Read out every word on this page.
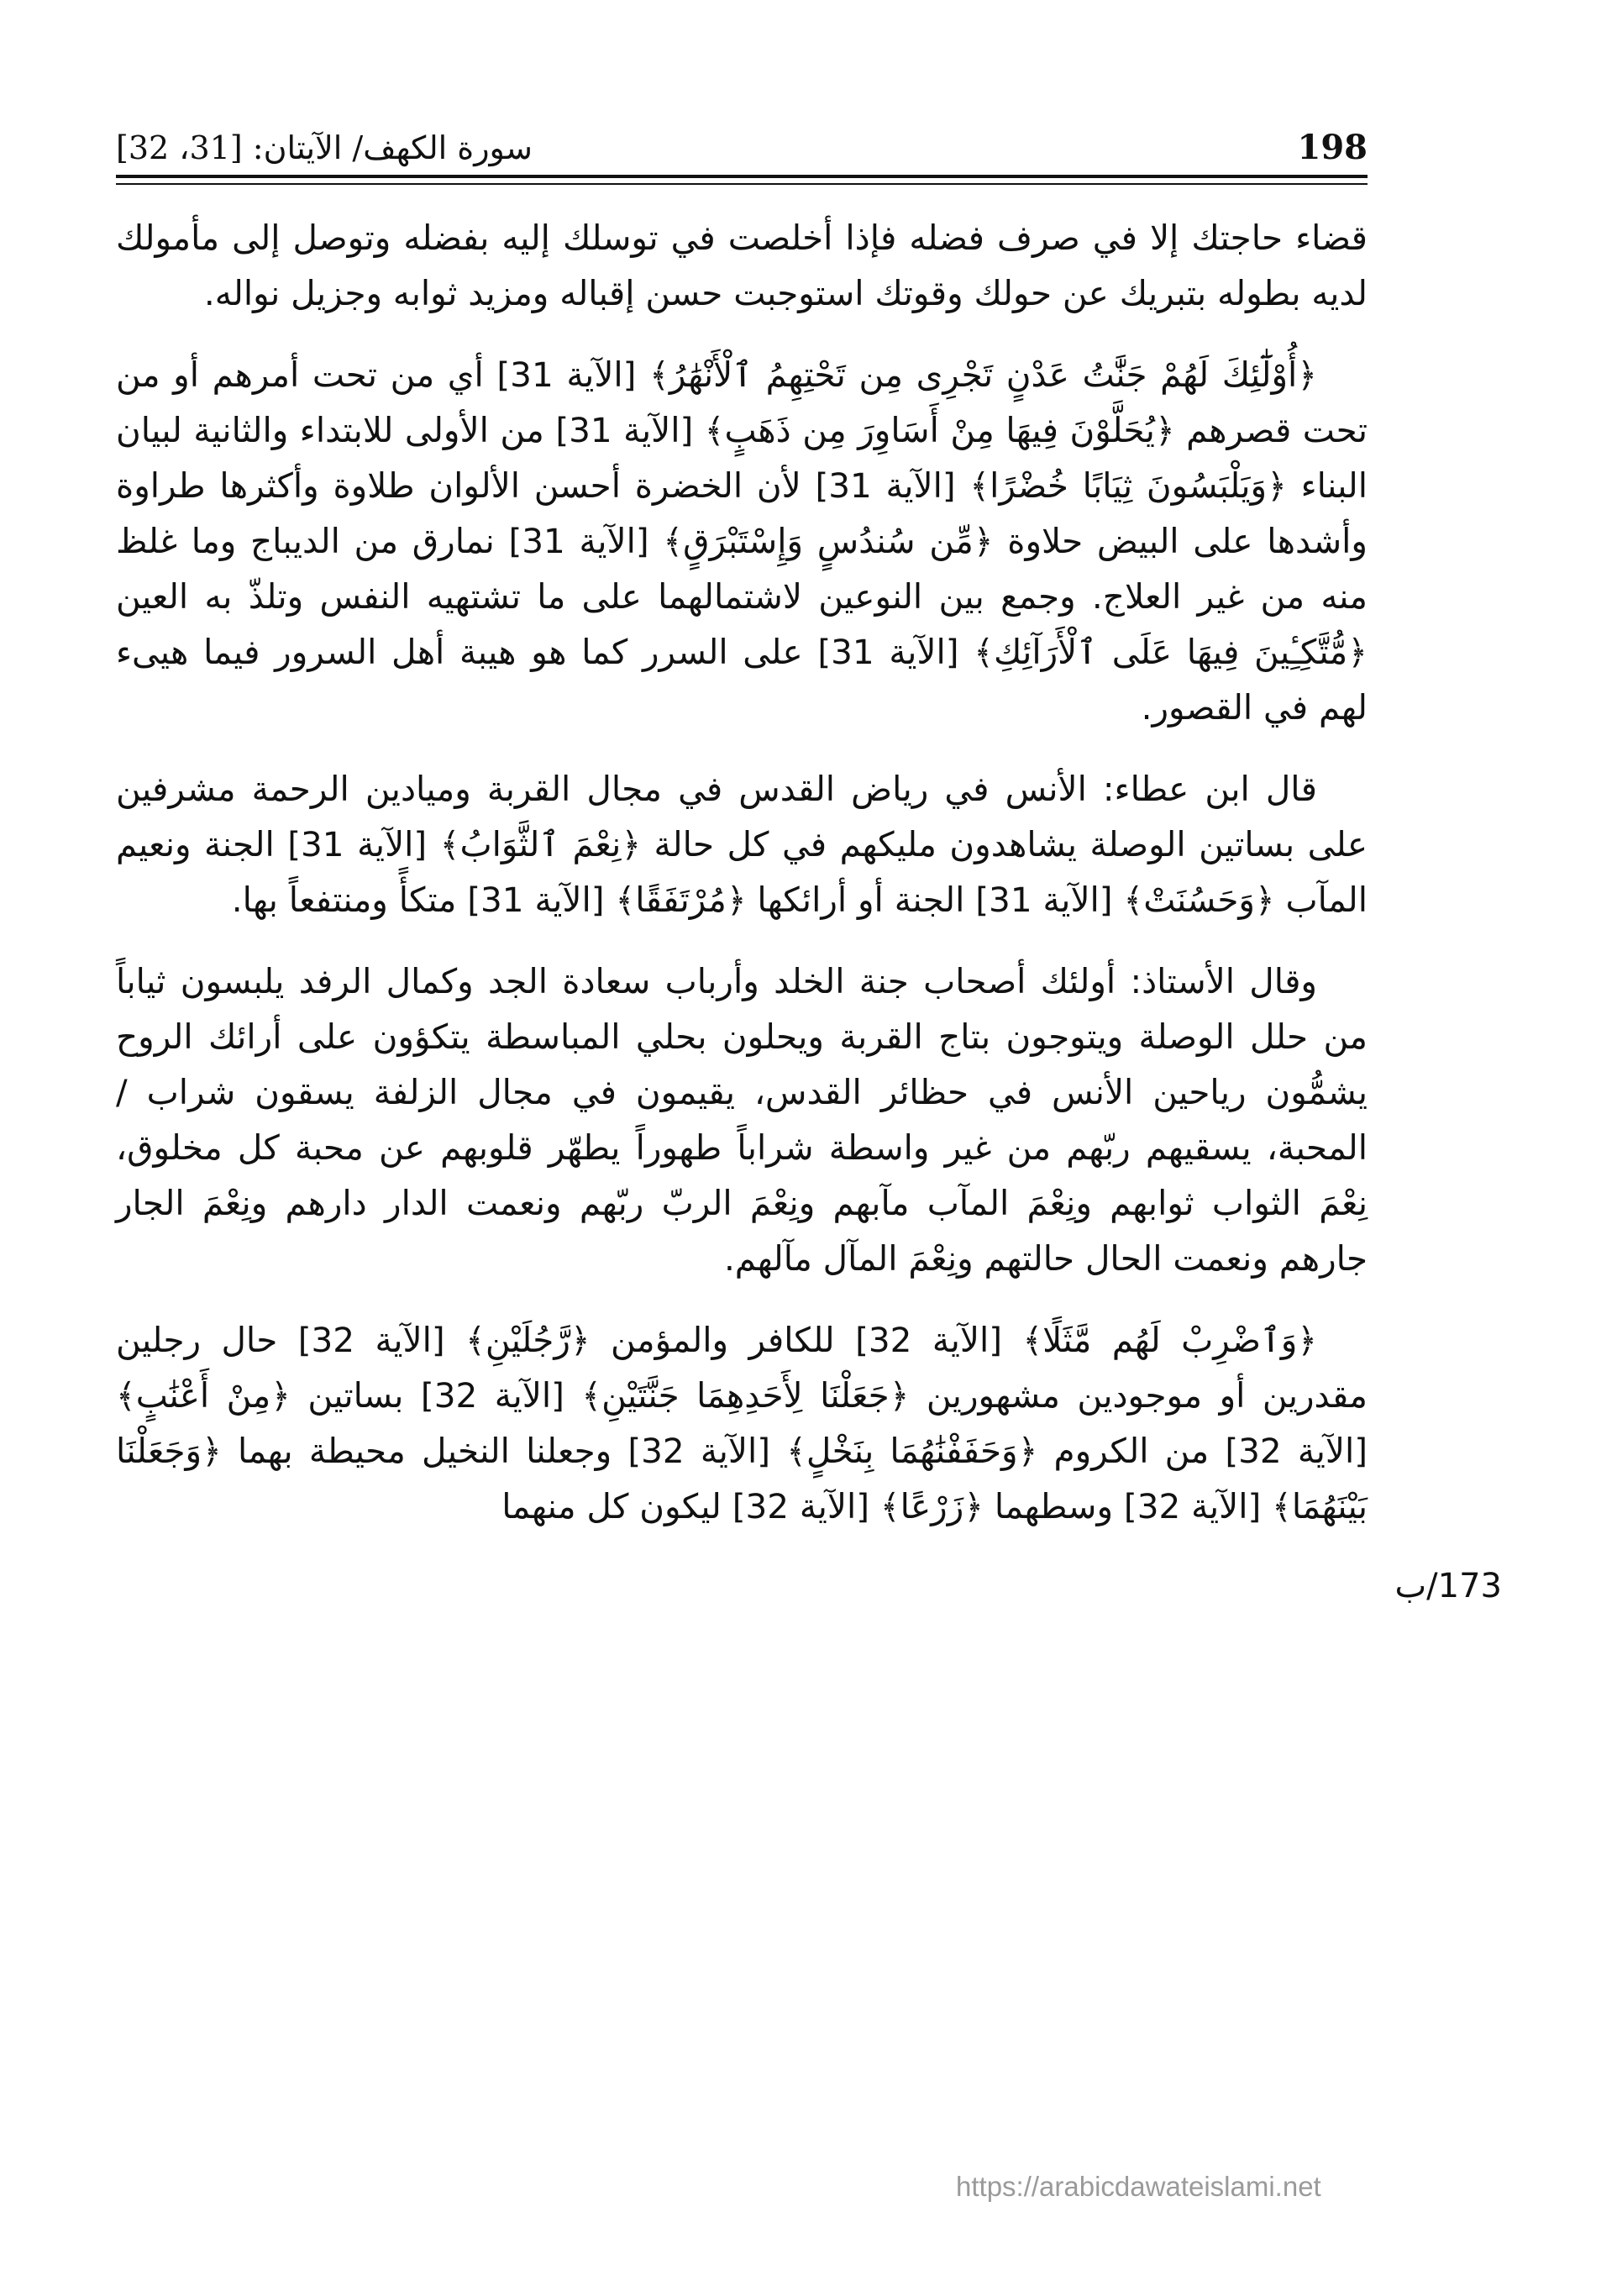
198
سورة الكهف/ الآيتان: [31، 32]

قضاء حاجتك إلا في صرف فضله فإذا أخلصت في توسلك إليه بفضله وتوصل إلى مأمولك لديه بطوله بتبريك عن حولك وقوتك استوجبت حسن إقباله ومزيد ثوابه وجزيل نواله.

﴿أُوْلَٰٓئِكَ لَهُمْ جَنَّٰتُ عَدْنٍ تَجْرِى مِن تَحْتِهِمُ ٱلْأَنْهَٰرُ﴾ [الآية 31] أي من تحت أمرهم أو من تحت قصرهم ﴿يُحَلَّوْنَ فِيهَا مِنْ أَسَاوِرَ مِن ذَهَبٍ﴾ [الآية 31] من الأولى للابتداء والثانية لبيان البناء ﴿وَيَلْبَسُونَ ثِيَابًا خُضْرًا﴾ [الآية 31] لأن الخضرة أحسن الألوان طلاوة وأكثرها طراوة وأشدها على البيض حلاوة ﴿مِّن سُندُسٍ وَإِسْتَبْرَقٍ﴾ [الآية 31] نمارق من الديباج وما غلظ منه من غير العلاج. وجمع بين النوعين لاشتمالهما على ما تشتهيه النفس وتلذّ به العين ﴿مُّتَّكِـِٔينَ فِيهَا عَلَى ٱلْأَرَآئِكِ﴾ [الآية 31] على السرر كما هو هيبة أهل السرور فيما هيىء لهم في القصور.

قال ابن عطاء: الأنس في رياض القدس في مجال القربة وميادين الرحمة مشرفين على بساتين الوصلة يشاهدون مليكهم في كل حالة ﴿نِعْمَ ٱلثَّوَابُ﴾ [الآية 31] الجنة ونعيم المآب ﴿وَحَسُنَتْ﴾ [الآية 31] الجنة أو أرائكها ﴿مُرْتَفَقًا﴾ [الآية 31] متكأً ومنتفعاً بها.

وقال الأستاذ: أولئك أصحاب جنة الخلد وأرباب سعادة الجد وكمال الرفد يلبسون ثياباً من حلل الوصلة ويتوجون بتاج القربة ويحلون بحلي المباسطة يتكؤون على أرائك الروح يشمُّون رياحين الأنس في حظائر القدس، يقيمون في مجال الزلفة يسقون شراب / المحبة، يسقيهم ربّهم من غير واسطة شراباً طهوراً يطهّر قلوبهم عن محبة كل مخلوق، نِعْمَ الثواب ثوابهم ونِعْمَ المآب مآبهم ونِعْمَ الربّ ربّهم ونعمت الدار دارهم ونِعْمَ الجار جارهم ونعمت الحال حالتهم ونِعْمَ المآل مآلهم.

﴿وَٱضْرِبْ لَهُم مَّثَلًا﴾ [الآية 32] للكافر والمؤمن ﴿رَّجُلَيْنِ﴾ [الآية 32] حال رجلين مقدرين أو موجودين مشهورين ﴿جَعَلْنَا لِأَحَدِهِمَا جَنَّتَيْنِ﴾ [الآية 32] بساتين ﴿مِنْ أَعْنَٰبٍ﴾ [الآية 32] من الكروم ﴿وَحَفَفْنَٰهُمَا بِنَخْلٍ﴾ [الآية 32] وجعلنا النخيل محيطة بهما ﴿وَجَعَلْنَا بَيْنَهُمَا﴾ [الآية 32] وسطهما ﴿زَرْعًا﴾ [الآية 32] ليكون كل منهما

173/ب
https://arabicdawateislami.net
